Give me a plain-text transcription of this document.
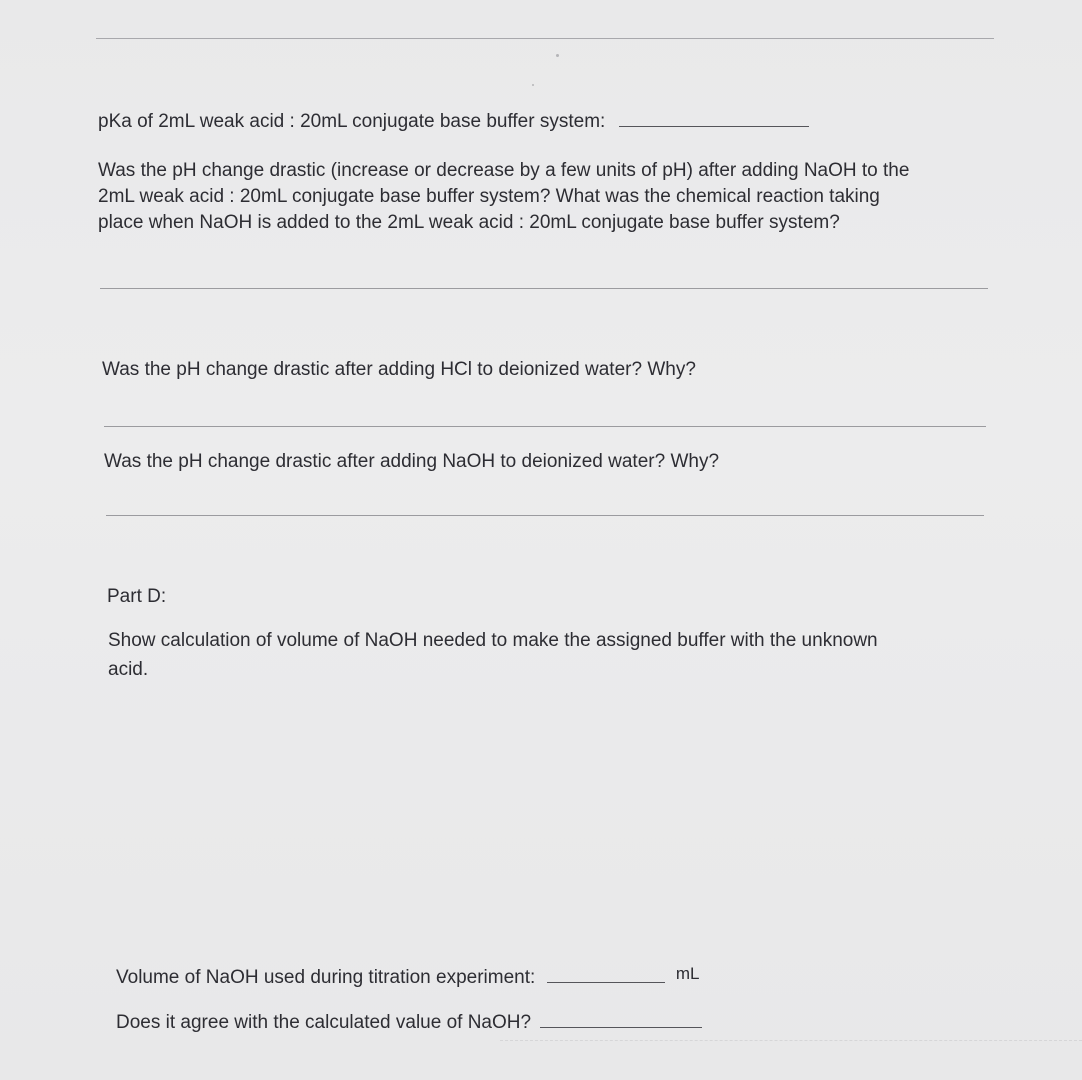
pKa of 2mL weak acid : 20mL conjugate base buffer system:
Was the pH change drastic (increase or decrease by a few units of pH) after adding NaOH to the
2mL weak acid : 20mL conjugate base buffer system? What was the chemical reaction taking
place when NaOH is added to the 2mL weak acid : 20mL conjugate base buffer system?
Was the pH change drastic after adding HCl to deionized water? Why?
Was the pH change drastic after adding NaOH to deionized water? Why?
Part D:
Show calculation of volume of NaOH needed to make the assigned buffer with the unknown
acid.
Volume of NaOH used during titration experiment:	mL
Does it agree with the calculated value of NaOH?
